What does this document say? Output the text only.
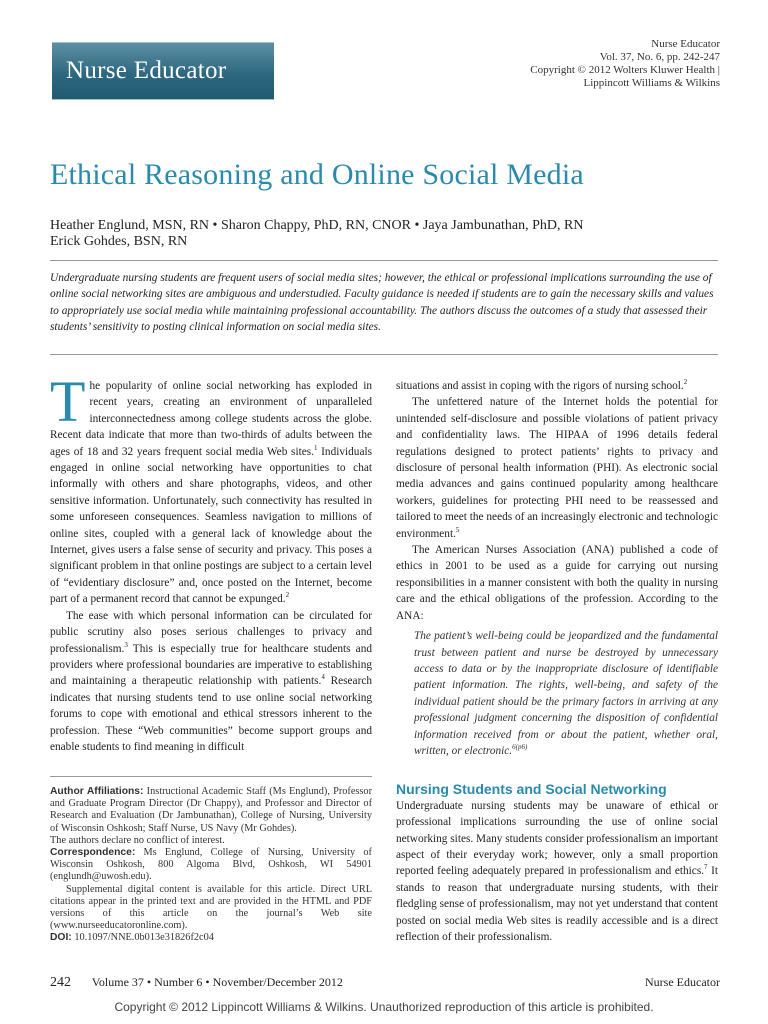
Nurse Educator
Nurse Educator
Vol. 37, No. 6, pp. 242-247
Copyright © 2012 Wolters Kluwer Health |
Lippincott Williams & Wilkins
Ethical Reasoning and Online Social Media
Heather Englund, MSN, RN • Sharon Chappy, PhD, RN, CNOR • Jaya Jambunathan, PhD, RN
Erick Gohdes, BSN, RN
Undergraduate nursing students are frequent users of social media sites; however, the ethical or professional implications surrounding the use of online social networking sites are ambiguous and understudied. Faculty guidance is needed if students are to gain the necessary skills and values to appropriately use social media while maintaining professional accountability. The authors discuss the outcomes of a study that assessed their students’ sensitivity to posting clinical information on social media sites.

The popularity of online social networking has exploded in recent years, creating an environment of unparalleled interconnectedness among college students across the globe. Recent data indicate that more than two-thirds of adults between the ages of 18 and 32 years frequent social media Web sites.$^1$ Individuals engaged in online social networking have opportunities to chat informally with others and share photographs, videos, and other sensitive information. Unfortunately, such connectivity has resulted in some unforeseen consequences. Seamless navigation to millions of online sites, coupled with a general lack of knowledge about the Internet, gives users a false sense of security and privacy. This poses a significant problem in that online postings are subject to a certain level of “evidentiary disclosure” and, once posted on the Internet, become part of a permanent record that cannot be expunged.$^2$

The ease with which personal information can be circulated for public scrutiny also poses serious challenges to privacy and professionalism.$^3$ This is especially true for healthcare students and providers where professional boundaries are imperative to establishing and maintaining a therapeutic relationship with patients.$^4$ Research indicates that nursing students tend to use online social networking forums to cope with emotional and ethical stressors inherent to the profession. These “Web communities” become support groups and enable students to find meaning in difficult

Author Affiliations: Instructional Academic Staff (Ms Englund), Professor and Graduate Program Director (Dr Chappy), and Professor and Director of Research and Evaluation (Dr Jambunathan), College of Nursing, University of Wisconsin Oshkosh; Staff Nurse, US Navy (Mr Gohdes).

The authors declare no conflict of interest.

Correspondence: Ms Englund, College of Nursing, University of Wisconsin Oshkosh, 800 Algoma Blvd, Oshkosh, WI 54901 (englundh@uwosh.edu).

Supplemental digital content is available for this article. Direct URL citations appear in the printed text and are provided in the HTML and PDF versions of this article on the journal’s Web site (www.nurseeducatoronline.com).

DOI: 10.1097/NNE.0b013e31826f2c04

situations and assist in coping with the rigors of nursing school.$^2$

The unfettered nature of the Internet holds the potential for unintended self-disclosure and possible violations of patient privacy and confidentiality laws. The HIPAA of 1996 details federal regulations designed to protect patients’ rights to privacy and disclosure of personal health information (PHI). As electronic social media advances and gains continued popularity among healthcare workers, guidelines for protecting PHI need to be reassessed and tailored to meet the needs of an increasingly electronic and technologic environment.$^5$

The American Nurses Association (ANA) published a code of ethics in 2001 to be used as a guide for carrying out nursing responsibilities in a manner consistent with both the quality in nursing care and the ethical obligations of the profession. According to the ANA:

The patient’s well-being could be jeopardized and the fundamental trust between patient and nurse be destroyed by unnecessary access to data or by the inappropriate disclosure of identifiable patient information. The rights, well-being, and safety of the individual patient should be the primary factors in arriving at any professional judgment concerning the disposition of confidential information received from or about the patient, whether oral, written, or electronic.$^{6(p6)}$

Nursing Students and Social Networking

Undergraduate nursing students may be unaware of ethical or professional implications surrounding the use of online social networking sites. Many students consider professionalism an important aspect of their everyday work; however, only a small proportion reported feeling adequately prepared in professionalism and ethics.$^7$ It stands to reason that undergraduate nursing students, with their fledgling sense of professionalism, may not yet understand that content posted on social media Web sites is readily accessible and is a direct reflection of their professionalism.

242 Volume 37 • Number 6 • November/December 2012	Nurse Educator
Copyright © 2012 Lippincott Williams & Wilkins. Unauthorized reproduction of this article is prohibited.
